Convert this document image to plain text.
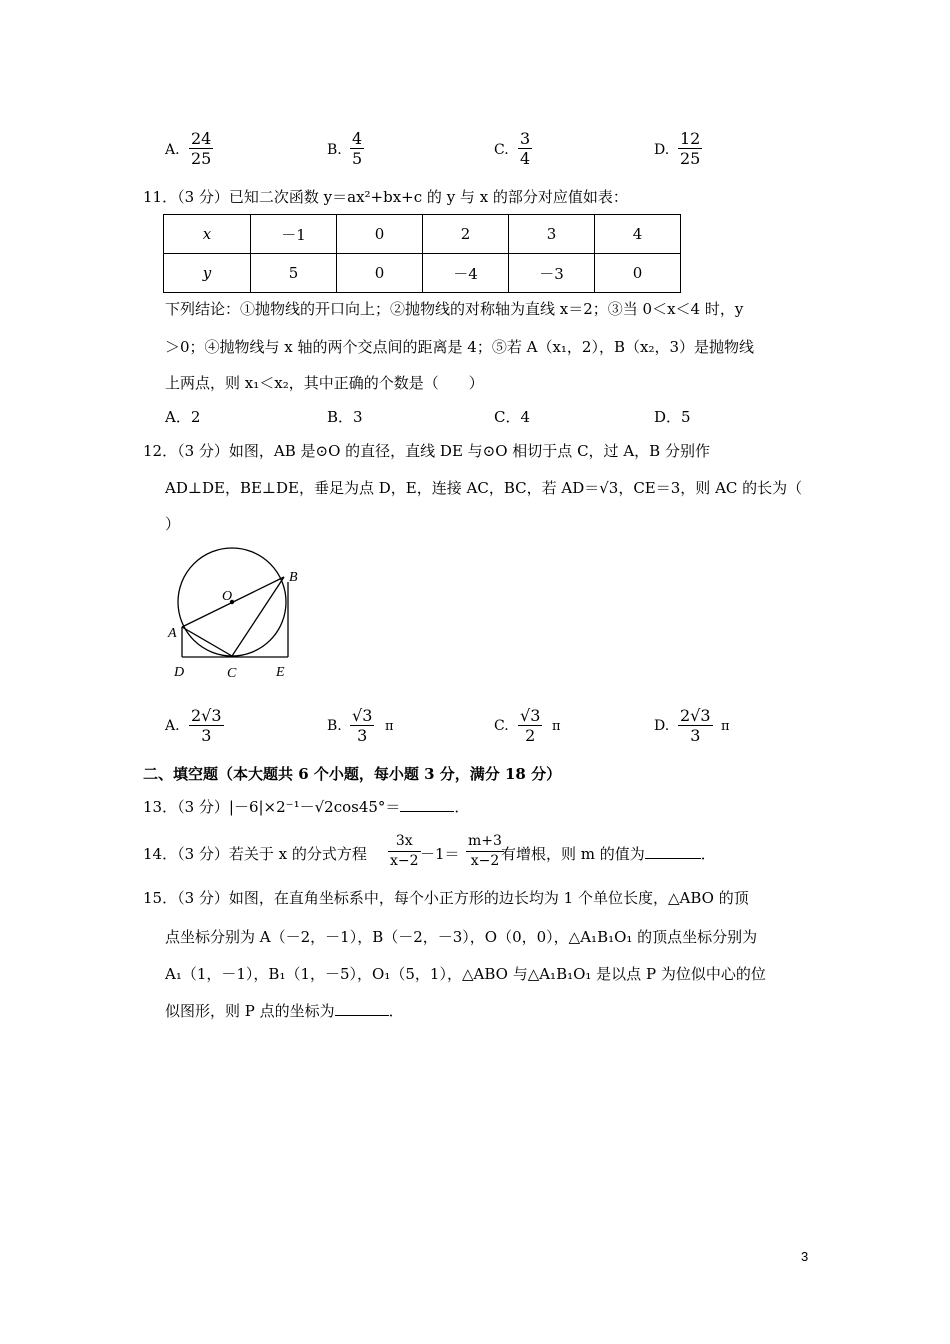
A. $\frac{24}{25}$	B. $\frac{4}{5}$	C. $\frac{3}{4}$	D. $\frac{12}{25}$
11．（3 分）已知二次函数 y＝ax²+bx+c 的 y 与 x 的部分对应值如表：
x	－1	0	2	3	4
y	5	0	－4	－3	0
下列结论：①抛物线的开口向上；②抛物线的对称轴为直线 x＝2；③当 0＜x＜4 时，y
＞0；④抛物线与 x 轴的两个交点间的距离是 4；⑤若 A（x₁，2），B（x₂，3）是抛物线
上两点，则 x₁＜x₂，其中正确的个数是（　　）
A．2	B．3	C．4	D．5
12．（3 分）如图，AB 是⊙O 的直径，直线 DE 与⊙O 相切于点 C，过 A，B 分别作
AD⊥DE，BE⊥DE，垂足为点 D，E，连接 AC，BC，若 AD＝√3，CE＝3，则 AC 的长为（
）
O
B
A
D	C	E
A. $\frac{2√3}{3}$	B. $\frac{√3}{3}$ π	C. $\frac{√3}{2}$ π	D. $\frac{2√3}{3}$ π
二、填空题（本大题共 6 个小题，每小题 3 分，满分 18 分）
13．（3 分）|－6|×2⁻¹－√2cos45°＝	．
14．（3 分）若关于 x 的分式方程 $\frac{3x}{x-2} -1= \frac{m+3}{x-2}$
有增根，则 m 的值为	．
15．（3 分）如图，在直角坐标系中，每个小正方形的边长均为 1 个单位长度，△ABO 的顶
点坐标分别为 A（－2，－1），B（－2，－3），O（0，0），△A₁B₁O₁ 的顶点坐标分别为
A₁（1，－1），B₁（1，－5），O₁（5，1），△ABO 与△A₁B₁O₁ 是以点 P 为位似中心的位
似图形，则 P 点的坐标为	．
3
